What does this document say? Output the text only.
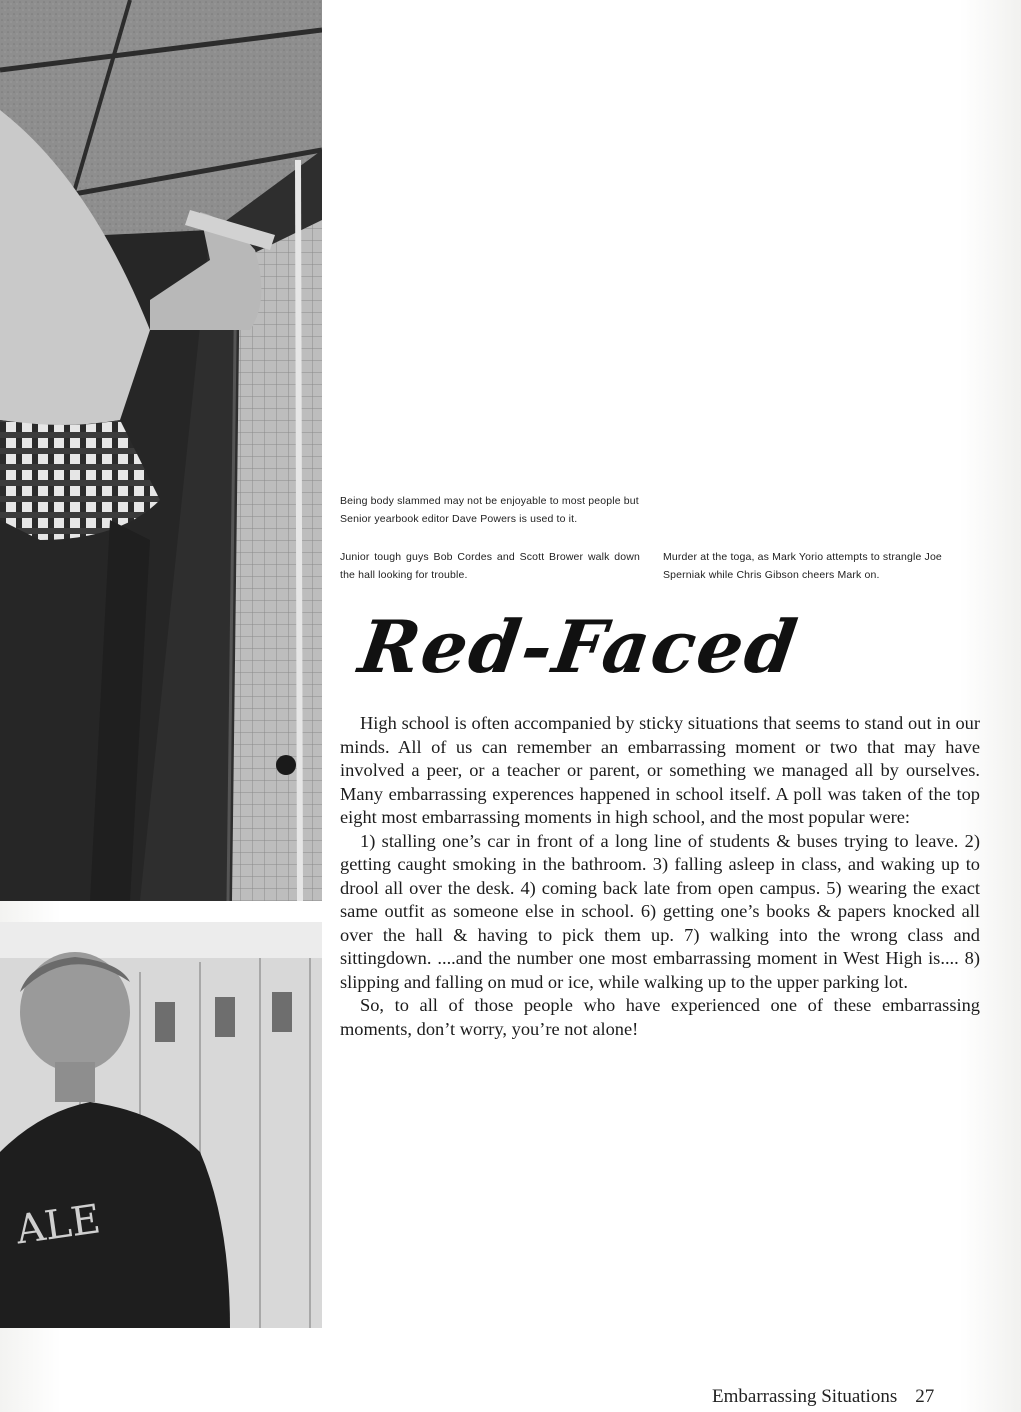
ALE
Being body slammed may not be enjoyable to most people but Senior yearbook editor Dave Powers is used to it.
Junior tough guys Bob Cordes and Scott Brower walk down the hall looking for trouble.
Murder at the toga, as Mark Yorio attempts to strangle Joe Sperniak while Chris Gibson cheers Mark on.
Red-Faced

High school is often accompanied by sticky situations that seems to stand out in our minds. All of us can remember an embarrassing moment or two that may have involved a peer, or a teacher or parent, or something we managed all by ourselves. Many embarrassing experences happened in school itself. A poll was taken of the top eight most embarrassing moments in high school, and the most popular were:

1) stalling one’s car in front of a long line of students & buses trying to leave. 2) getting caught smoking in the bathroom. 3) falling asleep in class, and waking up to drool all over the desk. 4) coming back late from open campus. 5) wearing the exact same outfit as someone else in school. 6) getting one’s books & papers knocked all over the hall & having to pick them up. 7) walking into the wrong class and sittingdown. ....and the number one most embarrassing moment in West High is.... 8) slipping and falling on mud or ice, while walking up to the upper parking lot.

So, to all of those people who have experienced one of these embarrassing moments, don’t worry, you’re not alone!

Embarrassing Situations 27
